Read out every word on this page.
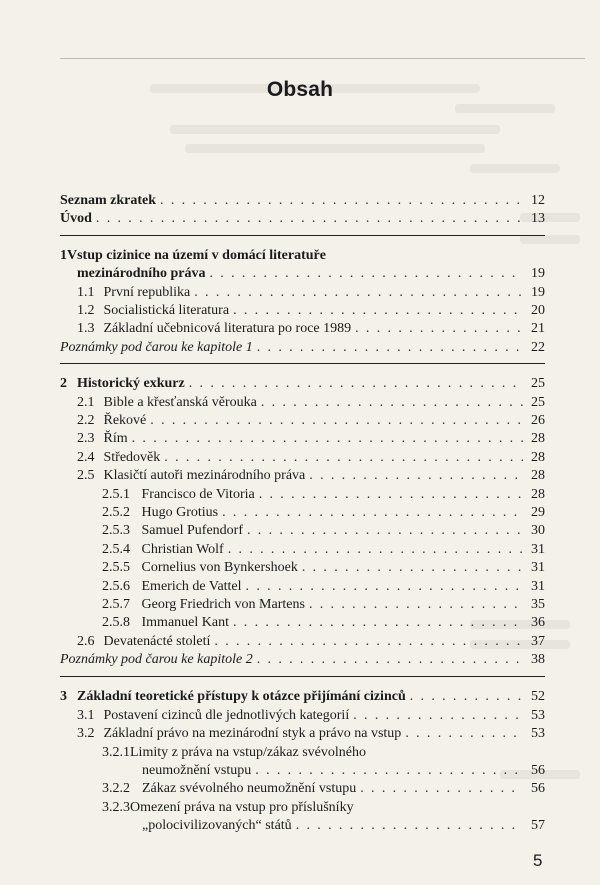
Obsah
Seznam zkratek . . .	12
Úvod . . .	13
1Vstup cizinice na území v domácí literatuře
mezinárodního práva . . .	19
1.1 První republika . . .	19
1.2 Socialistická literatura . . .	20
1.3 Základní učebnicová literatura po roce 1989 . . .	21
Poznámky pod čarou ke kapitole 1 . . .	22
2 Historický exkurz . . .	25
2.1 Bible a křesťanská věrouka . . .	25
2.2 Řekové . . .	26
2.3 Řím . . .	28
2.4 Středověk . . .	28
2.5 Klasičtí autoři mezinárodního práva . . .	28
2.5.1 Francisco de Vitoria . . .	28
2.5.2 Hugo Grotius . . .	29
2.5.3 Samuel Pufendorf . . .	30
2.5.4 Christian Wolf . . .	31
2.5.5 Cornelius von Bynkershoek . . .	31
2.5.6 Emerich de Vattel . . .	31
2.5.7 Georg Friedrich von Martens . . .	35
2.5.8 Immanuel Kant . . .	36
2.6 Devatenácté století . . .	37
Poznámky pod čarou ke kapitole 2 . . .	38
3 Základní teoretické přístupy k otázce přijímání cizinců . . .	52
3.1 Postavení cizinců dle jednotlivých kategorií . . .	53
3.2 Základní právo na mezinárodní styk a právo na vstup . . .	53
3.2.1Limity z práva na vstup/zákaz svévolného
neumožnění vstupu . . .	56
3.2.2 Zákaz svévolného neumožnění vstupu . . .	56
3.2.3Omezení práva na vstup pro příslušníky
„polocivilizovaných“ států . . .	57
5
